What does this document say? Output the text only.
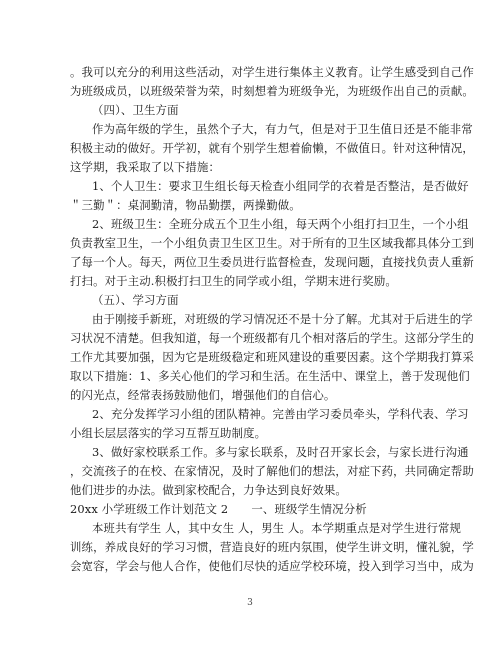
。我可以充分的利用这些活动，对学生进行集体主义教育。让学生感受到自己作
为班级成员，以班级荣誉为荣，时刻想着为班级争光，为班级作出自己的贡献。
（四）、卫生方面
作为高年级的学生，虽然个子大，有力气，但是对于卫生值日还是不能非常
积极主动的做好。开学初，就有个别学生想着偷懒，不做值日。针对这种情况，
这学期，我采取了以下措施：
1、个人卫生：要求卫生组长每天检查小组同学的衣着是否整洁，是否做好
＂三勤＂：桌洞勤清，物品勤摆，两操勤做。
2、班级卫生：全班分成五个卫生小组，每天两个小组打扫卫生，一个小组
负责教室卫生，一个小组负责卫生区卫生。对于所有的卫生区域我都具体分工到
了每一个人。每天，两位卫生委员进行监督检查，发现问题，直接找负责人重新
打扫。对于主动.积极打扫卫生的同学或小组，学期末进行奖励。
（五）、学习方面
由于刚接手新班，对班级的学习情况还不是十分了解。尤其对于后进生的学
习状况不清楚。但我知道，每一个班级都有几个相对落后的学生。这部分学生的
工作尤其要加强，因为它是班级稳定和班风建设的重要因素。这个学期我打算采
取以下措施：1、多关心他们的学习和生活。在生活中、课堂上，善于发现他们
的闪光点，经常表扬鼓励他们，增强他们的自信心。
2、充分发挥学习小组的团队精神。完善由学习委员牵头，学科代表、学习
小组长层层落实的学习互帮互助制度。
3、做好家校联系工作。多与家长联系，及时召开家长会，与家长进行沟通
，交流孩子的在校、在家情况，及时了解他们的想法，对症下药，共同确定帮助
他们进步的办法。做到家校配合，力争达到良好效果。
20xx 小学班级工作计划范文 2　　一、班级学生情况分析
本班共有学生 人，其中女生 人，男生 人。本学期重点是对学生进行常规
训练，养成良好的学习习惯，营造良好的班内氛围，使学生讲文明，懂礼貌，学
会宽容，学会与他人合作，使他们尽快的适应学校环境，投入到学习当中，成为
3
